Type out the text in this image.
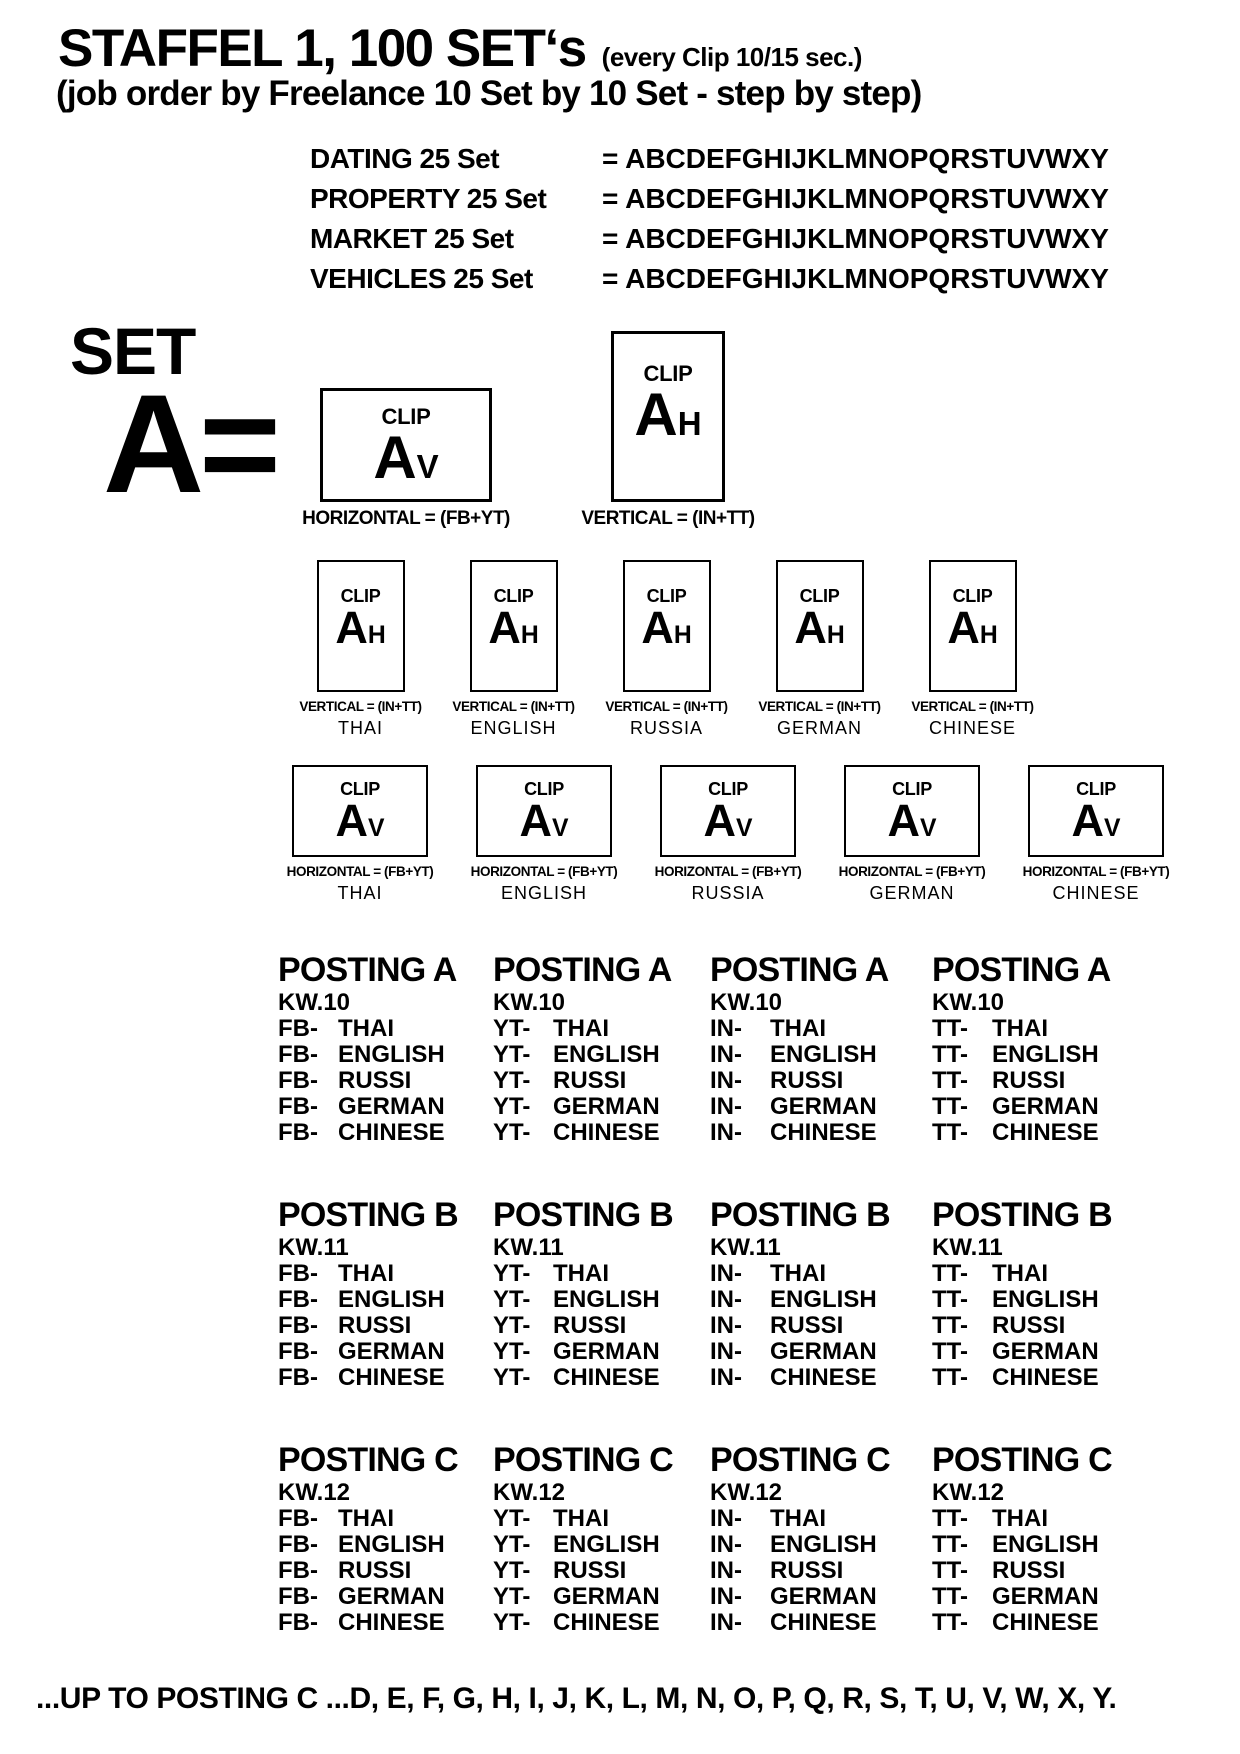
STAFFEL 1, 100 SET‘s (every Clip 10/15 sec.)
(job order by Freelance 10 Set by 10 Set - step by step)
DATING 25 Set	= ABCDEFGHIJKLMNOPQRSTUVWXY
PROPERTY 25 Set	= ABCDEFGHIJKLMNOPQRSTUVWXY
MARKET 25 Set	= ABCDEFGHIJKLMNOPQRSTUVWXY
VEHICLES 25 Set	= ABCDEFGHIJKLMNOPQRSTUVWXY
SET
A=	CLIP
AV
CLIP
AH
HORIZONTAL = (FB+YT)	VERTICAL = (IN+TT)
CLIP
AH
VERTICAL = (IN+TT)
THAI
CLIP
AH
VERTICAL = (IN+TT)
ENGLISH
CLIP
AH
VERTICAL = (IN+TT)
RUSSIA
CLIP
AH
VERTICAL = (IN+TT)
GERMAN
CLIP
AH
VERTICAL = (IN+TT)
CHINESE
CLIP
AV
HORIZONTAL = (FB+YT)
THAI
CLIP
AV
HORIZONTAL = (FB+YT)
ENGLISH
CLIP
AV
HORIZONTAL = (FB+YT)
RUSSIA
CLIP
AV
HORIZONTAL = (FB+YT)
GERMAN
CLIP
AV
HORIZONTAL = (FB+YT)
CHINESE
POSTING A
KW.10
FB- THAI
FB- ENGLISH
FB- RUSSI
FB- GERMAN
FB- CHINESE
POSTING A
KW.10
YT- THAI
YT- ENGLISH
YT- RUSSI
YT- GERMAN
YT- CHINESE
POSTING A
KW.10
IN-	THAI
IN-	ENGLISH
IN-	RUSSI
IN-	GERMAN
IN-	CHINESE
POSTING A
KW.10
TT-	THAI
TT-	ENGLISH
TT-	RUSSI
TT-	GERMAN
TT-	CHINESE
POSTING B
KW.11
FB- THAI
FB- ENGLISH
FB- RUSSI
FB- GERMAN
FB- CHINESE
POSTING B
KW.11
YT- THAI
YT- ENGLISH
YT- RUSSI
YT- GERMAN
YT- CHINESE
POSTING B
KW.11
IN-	THAI
IN-	ENGLISH
IN-	RUSSI
IN-	GERMAN
IN-	CHINESE
POSTING B
KW.11
TT-	THAI
TT-	ENGLISH
TT-	RUSSI
TT-	GERMAN
TT-	CHINESE
POSTING C
KW.12
FB- THAI
FB- ENGLISH
FB- RUSSI
FB- GERMAN
FB- CHINESE
POSTING C
KW.12
YT- THAI
YT- ENGLISH
YT- RUSSI
YT- GERMAN
YT- CHINESE
POSTING C
KW.12
IN-	THAI
IN-	ENGLISH
IN-	RUSSI
IN-	GERMAN
IN-	CHINESE
POSTING C
KW.12
TT-	THAI
TT-	ENGLISH
TT-	RUSSI
TT-	GERMAN
TT-	CHINESE
...UP TO POSTING C ...D, E, F, G, H, I, J, K, L, M, N, O, P, Q, R, S, T, U, V, W, X, Y.
